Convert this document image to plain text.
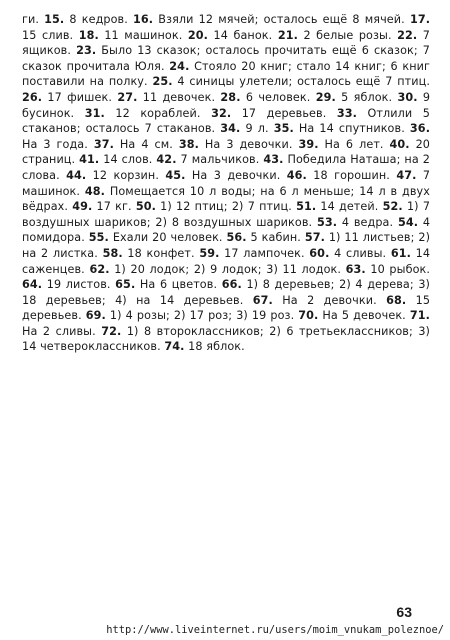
ги. 15. 8 кедров. 16. Взяли 12 мячей; осталось ещё 8 мячей. 17. 15 слив. 18. 11 машинок. 20. 14 банок. 21. 2 белые розы. 22. 7 ящиков. 23. Было 13 сказок; осталось прочитать ещё 6 сказок; 7 сказок прочитала Юля. 24. Стояло 20 книг; стало 14 книг; 6 книг поставили на полку. 25. 4 синицы улетели; осталось ещё 7 птиц. 26. 17 фишек. 27. 11 девочек. 28. 6 человек. 29. 5 яблок. 30. 9 бусинок. 31. 12 кораблей. 32. 17 деревьев. 33. Отлили 5 стаканов; осталось 7 стаканов. 34. 9 л. 35. На 14 спутников. 36. На 3 года. 37. На 4 см. 38. На 3 девочки. 39. На 6 лет. 40. 20 страниц. 41. 14 слов. 42. 7 мальчиков. 43. Победила Наташа; на 2 слова. 44. 12 корзин. 45. На 3 девочки. 46. 18 горошин. 47. 7 машинок. 48. Помещается 10 л воды; на 6 л меньше; 14 л в двух вёдрах. 49. 17 кг. 50. 1) 12 птиц; 2) 7 птиц. 51. 14 детей. 52. 1) 7 воздушных шариков; 2) 8 воздушных шариков. 53. 4 ведра. 54. 4 помидора. 55. Ехали 20 человек. 56. 5 кабин. 57. 1) 11 листьев; 2) на 2 листка. 58. 18 конфет. 59. 17 лампочек. 60. 4 сливы. 61. 14 саженцев. 62. 1) 20 лодок; 2) 9 лодок; 3) 11 лодок. 63. 10 рыбок. 64. 19 листов. 65. На 6 цветов. 66. 1) 8 деревьев; 2) 4 дерева; 3) 18 деревьев; 4) на 14 деревьев. 67. На 2 девочки. 68. 15 деревьев. 69. 1) 4 розы; 2) 17 роз; 3) 19 роз. 70. На 5 девочек. 71. На 2 сливы. 72. 1) 8 второклассников; 2) 6 третьеклассников; 3) 14 четвероклассников. 74. 18 яблок.
63
http://www.liveinternet.ru/users/moim_vnukam_poleznoe/
